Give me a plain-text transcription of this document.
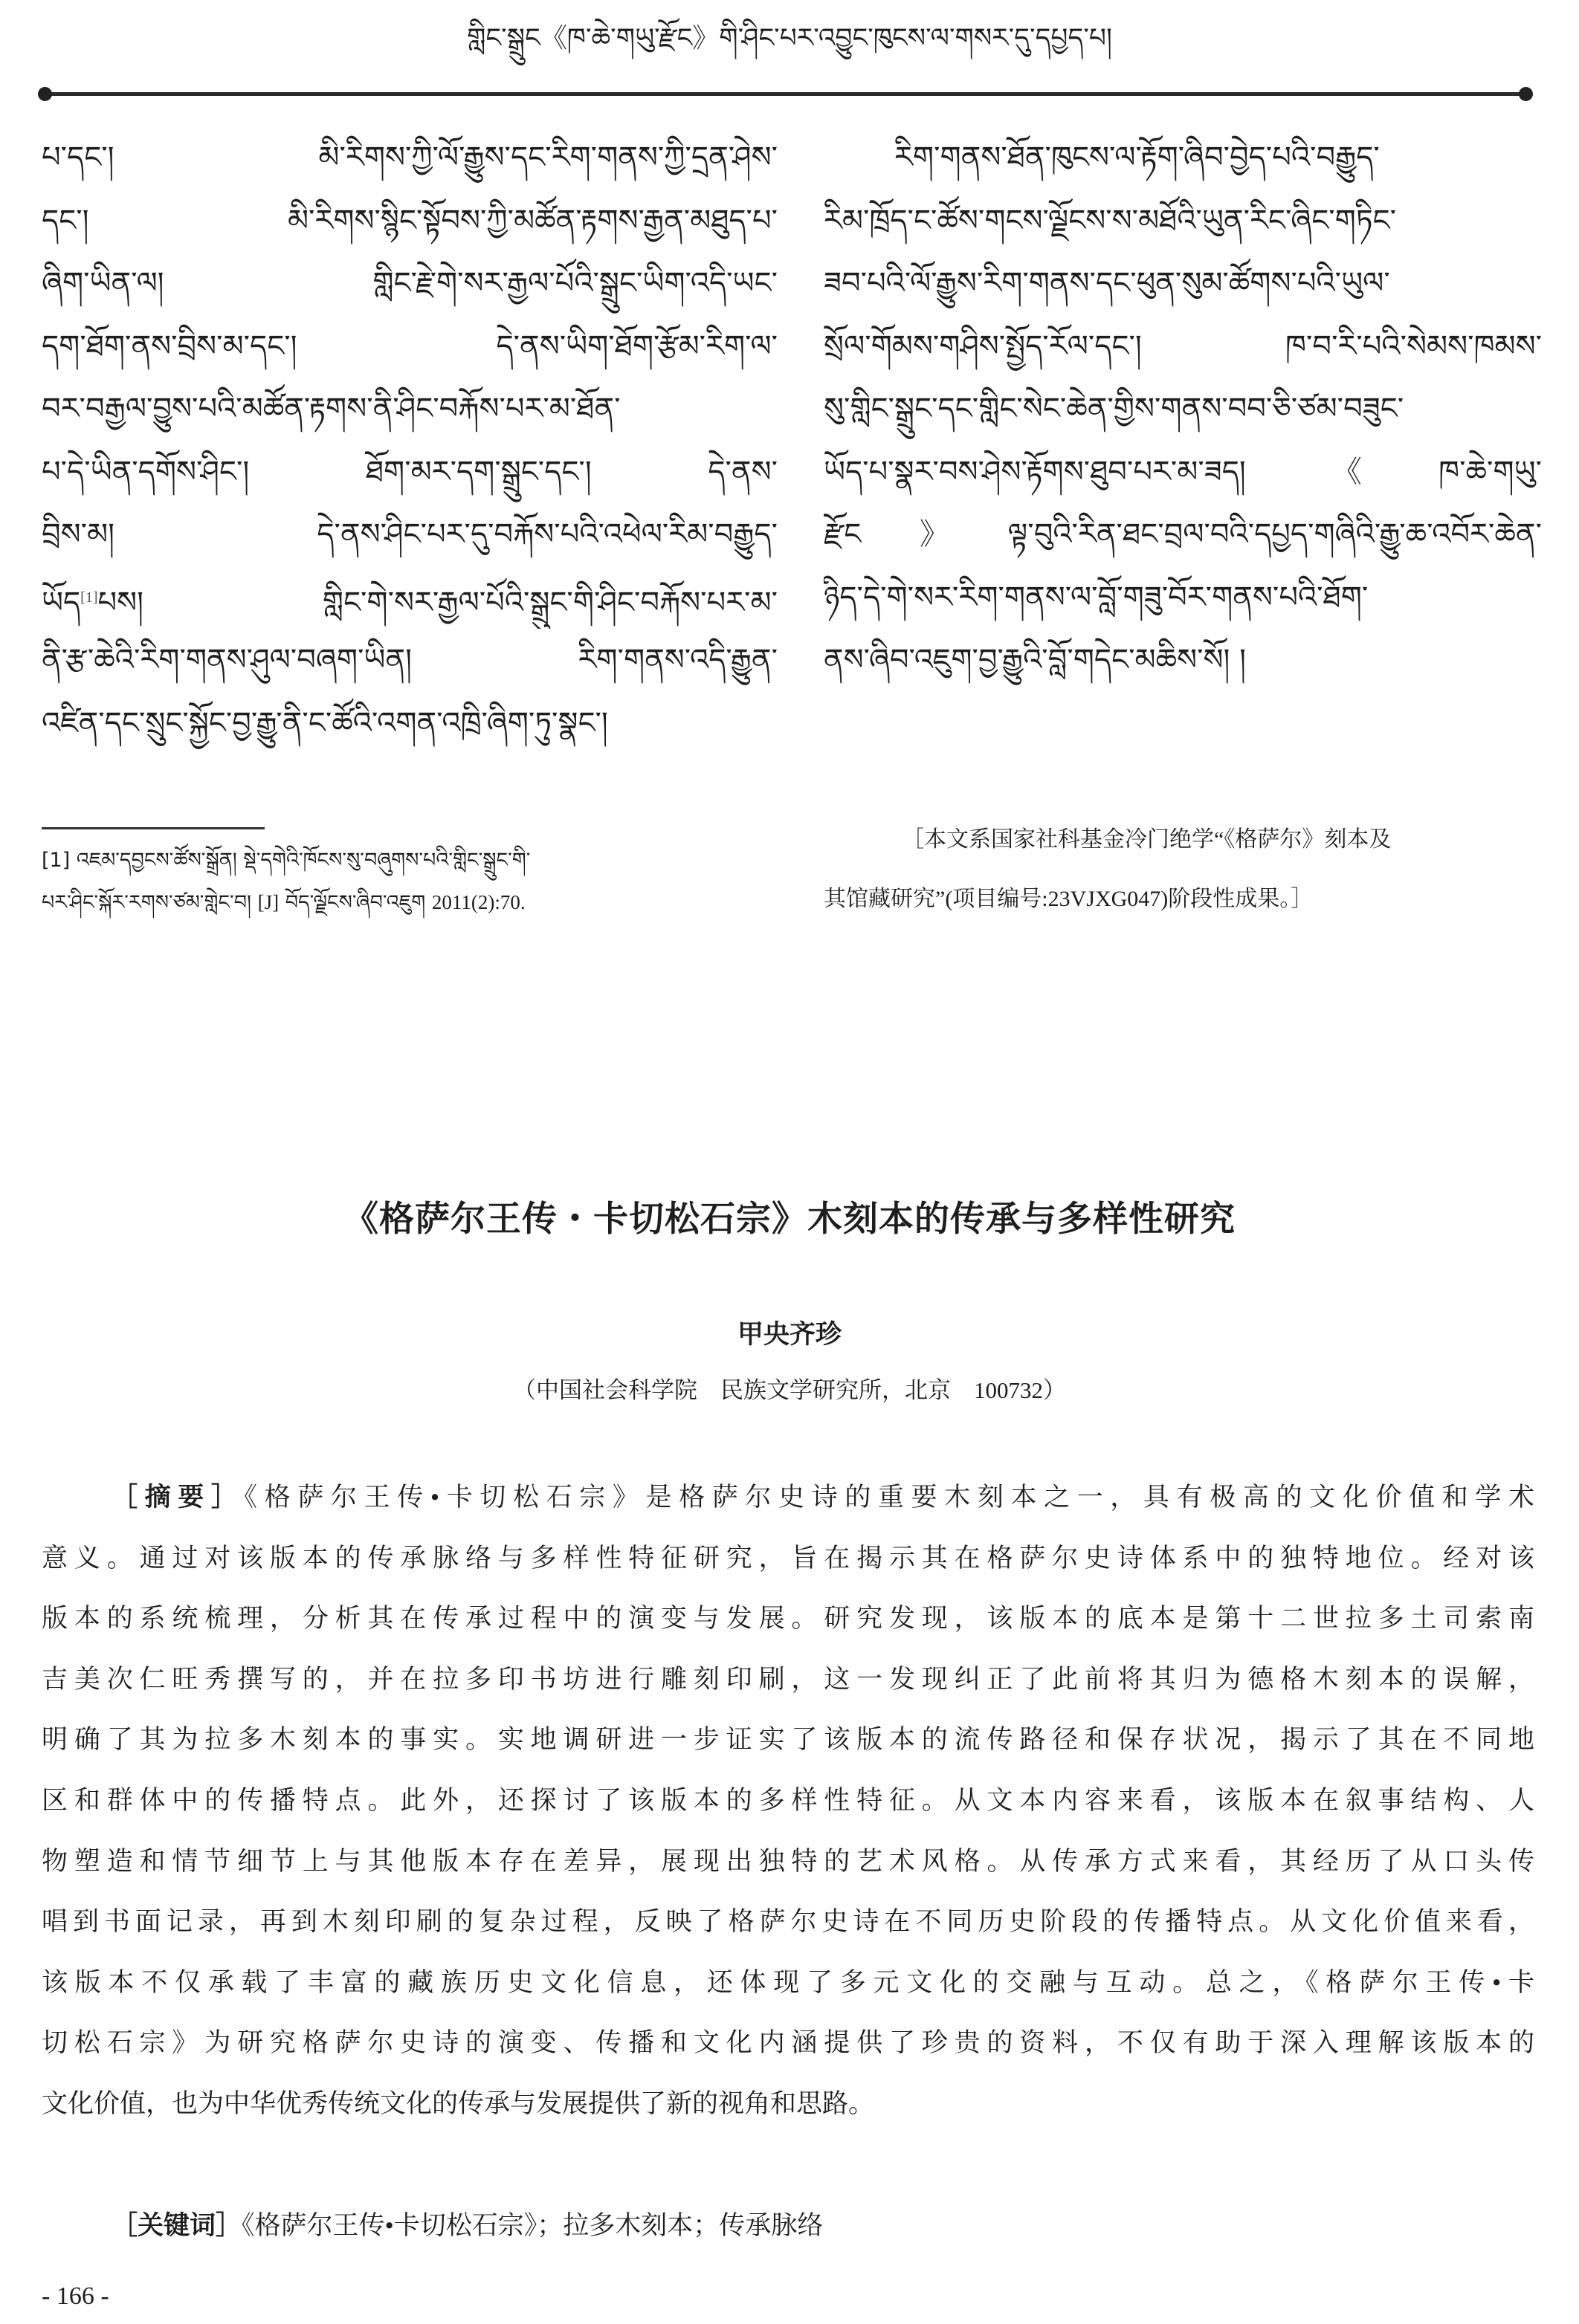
གླིང་སྒྲུང《ཁ་ཆེ་གཡུ་རྫོང》གི་ཤིང་པར་འབྱུང་ཁུངས་ལ་གསར་དུ་དཔྱད་པ།
པ་དང་། མི་རིགས་ཀྱི་ལོ་རྒྱུས་དང་རིག་གནས་ཀྱི་དྲན་ཤེས་
དང་། མི་རིགས་སྙིང་སྟོབས་ཀྱི་མཚོན་རྟགས་རྒྱན་མཐུད་པ་
ཞིག་ཡིན་ལ། གླིང་རྗེ་གེ་སར་རྒྱལ་པོའི་སྒྲུང་ཡིག་འདི་ཡང་
དག་ཐོག་ནས་བྲིས་མ་དང་། དེ་ནས་ཡིག་ཐོག་རྩོམ་རིག་ལ་
བར་བརྒྱལ་བྱུས་པའི་མཚོན་རྟགས་ནི་ཤིང་བརྐོས་པར་མ་ཐོན་
པ་དེ་ཡིན་དགོས་ཤིང་། ཐོག་མར་དག་སྒྲུང་དང་། དེ་ནས་
བྲིས་མ། དེ་ནས་ཤིང་པར་དུ་བརྐོས་པའི་འཕེལ་རིམ་བརྒྱུད་
ཡོད[1]པས། གླིང་གེ་སར་རྒྱལ་པོའི་སྒྲུང་གི་ཤིང་བརྐོས་པར་མ་
ནི་རྩ་ཆེའི་རིག་གནས་ཤུལ་བཞག་ཡིན། རིག་གནས་འདི་རྒྱུན་
འཛིན་དང་སྲུང་སྐྱོང་བྱ་རྒྱུ་ནི་ང་ཚོའི་འགན་འཁྲི་ཞིག་ཏུ་སྣང་།
[1] འཇམ་དབྱངས་ཚོས་སྒྲོན། སྡེ་དགེའི་ཁོངས་སུ་བཞུགས་པའི་གླིང་སྒྲུང་གི་
པར་ཤིང་སྐོར་རགས་ཙམ་གླེང་བ། [J] བོད་ལྗོངས་ཞིབ་འཇུག 2011(2):70.
རིག་གནས་ཐོན་ཁུངས་ལ་རྟོག་ཞིབ་བྱེད་པའི་བརྒྱུད་
རིམ་ཁྲོད་ང་ཚོས་གངས་ལྗོངས་ས་མཐོའི་ཡུན་རིང་ཞིང་གཏིང་
ཟབ་པའི་ལོ་རྒྱུས་རིག་གནས་དང་ཕུན་སུམ་ཚོགས་པའི་ཡུལ་
སྲོལ་གོམས་གཤིས་སྤྱོད་རོལ་དང་། ཁ་བ་རི་པའི་སེམས་ཁམས་
སུ་གླིང་སྒྲུང་དང་གླིང་སེང་ཆེན་གྱིས་གནས་བབ་ཅི་ཙམ་བཟུང་
ཡོད་པ་སྣར་བས་ཤེས་རྟོགས་ཐུབ་པར་མ་ཟད། 《ཁ་ཆེ་གཡུ་
རྫོང》ལྟ་བུའི་རིན་ཐང་བྲལ་བའི་དཔྱད་གཞིའི་རྒྱུ་ཆ་འབོར་ཆེན་
ཉིད་དེ་གེ་སར་རིག་གནས་ལ་བློ་གཟུ་བོར་གནས་པའི་ཐོག་
ནས་ཞིབ་འཇུག་བྱ་རྒྱུའི་བློ་གདེང་མཆིས་སོ། །
［本文系国家社科基金冷门绝学“《格萨尔》刻本及
其馆藏研究”(项目编号:23VJXG047)阶段性成果。］
《格萨尔王传・卡切松石宗》木刻本的传承与多样性研究
甲央齐珍
（中国社会科学院　民族文学研究所，北京　100732）
［摘要］《格萨尔王传•卡切松石宗》是格萨尔史诗的重要木刻本之一，具有极高的文化价值和学术
意义。通过对该版本的传承脉络与多样性特征研究，旨在揭示其在格萨尔史诗体系中的独特地位。经对该
版本的系统梳理，分析其在传承过程中的演变与发展。研究发现，该版本的底本是第十二世拉多土司索南
吉美次仁旺秀撰写的，并在拉多印书坊进行雕刻印刷，这一发现纠正了此前将其归为德格木刻本的误解，
明确了其为拉多木刻本的事实。实地调研进一步证实了该版本的流传路径和保存状况，揭示了其在不同地
区和群体中的传播特点。此外，还探讨了该版本的多样性特征。从文本内容来看，该版本在叙事结构、人
物塑造和情节细节上与其他版本存在差异，展现出独特的艺术风格。从传承方式来看，其经历了从口头传
唱到书面记录，再到木刻印刷的复杂过程，反映了格萨尔史诗在不同历史阶段的传播特点。从文化价值来看，
该版本不仅承载了丰富的藏族历史文化信息，还体现了多元文化的交融与互动。总之，《格萨尔王传•卡
切松石宗》为研究格萨尔史诗的演变、传播和文化内涵提供了珍贵的资料，不仅有助于深入理解该版本的
文化价值，也为中华优秀传统文化的传承与发展提供了新的视角和思路。
［关键词］《格萨尔王传•卡切松石宗》；拉多木刻本；传承脉络
- 166 -
